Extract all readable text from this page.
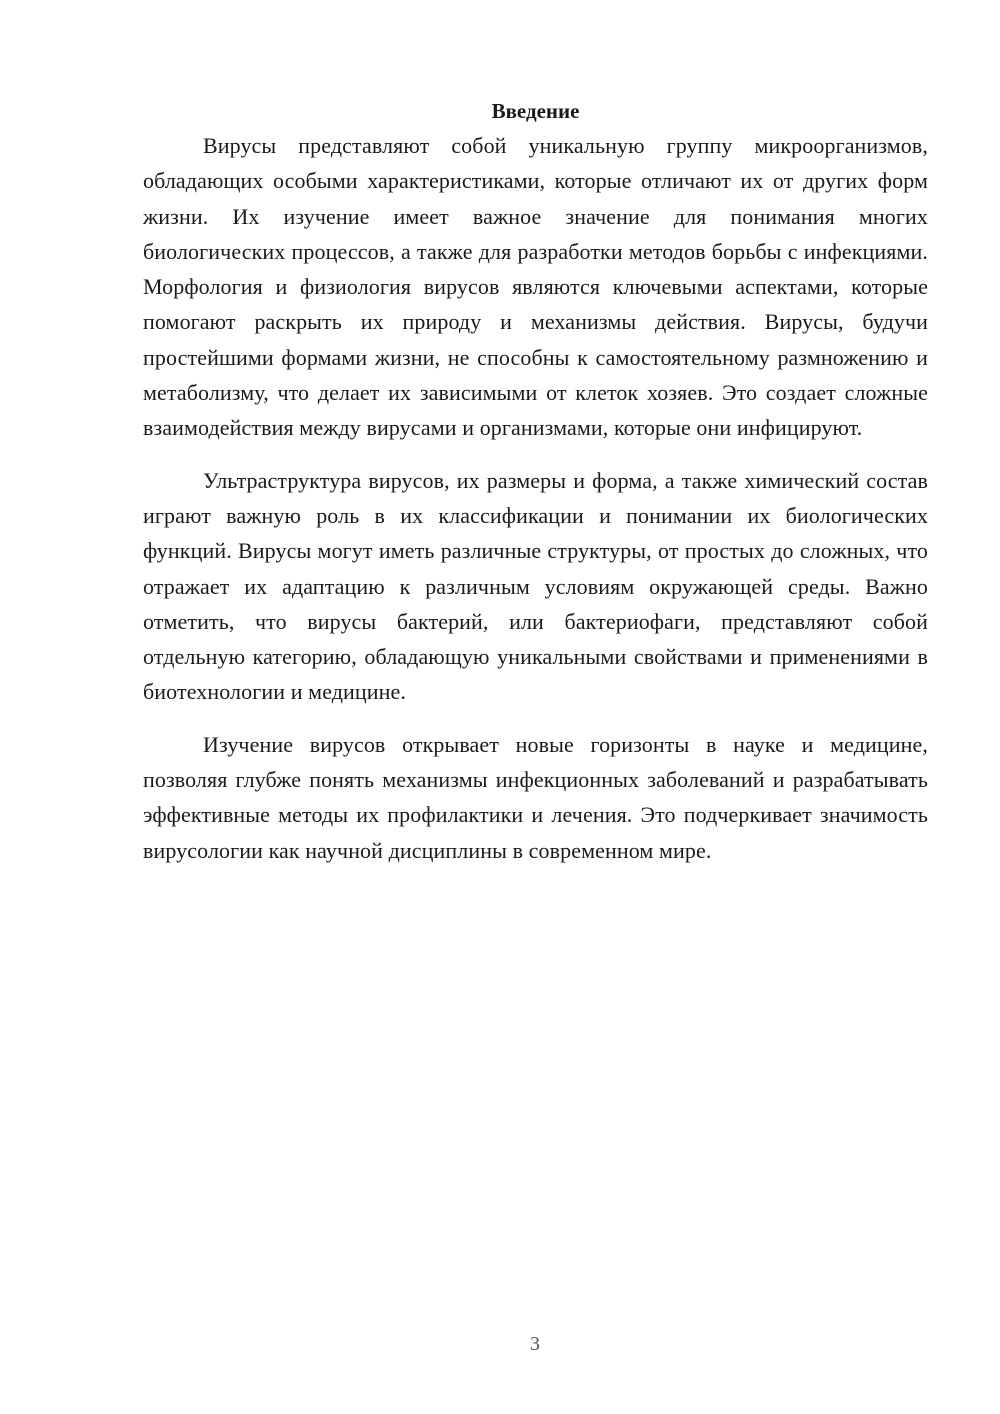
Введение

Вирусы представляют собой уникальную группу микроорганизмов, обладающих особыми характеристиками, которые отличают их от других форм жизни. Их изучение имеет важное значение для понимания многих биологических процессов, а также для разработки методов борьбы с инфекциями. Морфология и физиология вирусов являются ключевыми аспектами, которые помогают раскрыть их природу и механизмы действия. Вирусы, будучи простейшими формами жизни, не способны к самостоятельному размножению и метаболизму, что делает их зависимыми от клеток хозяев. Это создает сложные взаимодействия между вирусами и организмами, которые они инфицируют.

Ультраструктура вирусов, их размеры и форма, а также химический состав играют важную роль в их классификации и понимании их биологических функций. Вирусы могут иметь различные структуры, от простых до сложных, что отражает их адаптацию к различным условиям окружающей среды. Важно отметить, что вирусы бактерий, или бактериофаги, представляют собой отдельную категорию, обладающую уникальными свойствами и применениями в биотехнологии и медицине.

Изучение вирусов открывает новые горизонты в науке и медицине, позволяя глубже понять механизмы инфекционных заболеваний и разрабатывать эффективные методы их профилактики и лечения. Это подчеркивает значимость вирусологии как научной дисциплины в современном мире.

3
